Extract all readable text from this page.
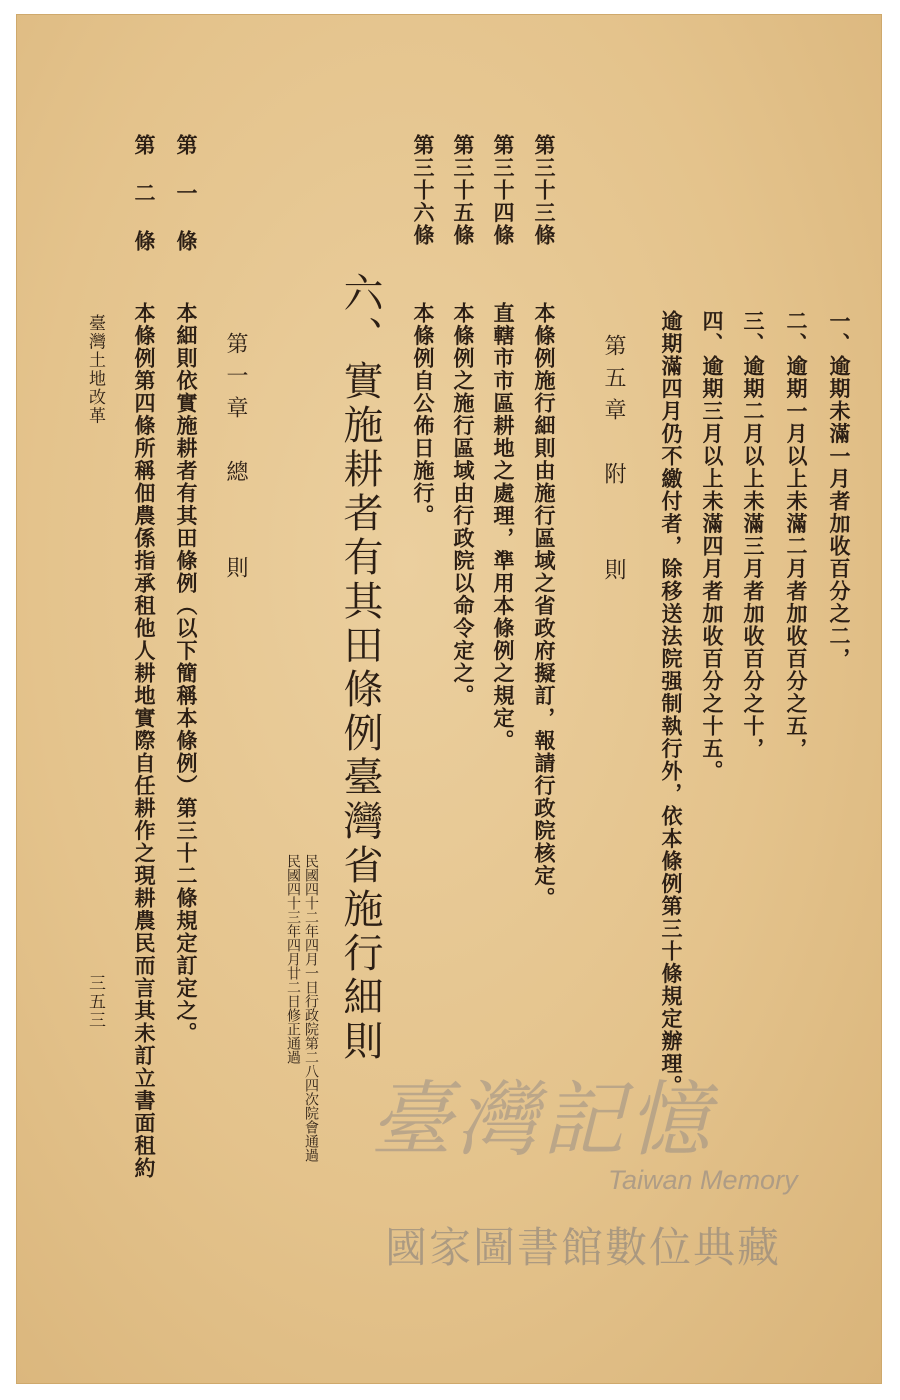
一、逾期未滿一月者加收百分之二，
二、逾期一月以上未滿二月者加收百分之五，
三、逾期二月以上未滿三月者加收百分之十，
四、逾期三月以上未滿四月者加收百分之十五。
逾期滿四月仍不繳付者，除移送法院强制執行外，依本條例第三十條規定辦理。
第五章　附　　則
第三十三條
本條例施行細則由施行區域之省政府擬訂，報請行政院核定。
第三十四條
直轄市市區耕地之處理，準用本條例之規定。
第三十五條
本條例之施行區域由行政院以命令定之。
第三十六條
本條例自公佈日施行。
六、實施耕者有其田條例臺灣省施行細則
民國四十二年四月一日行政院第二八四次院會通過
民國四十三年四月廿二日修正通過
第一章　總　　則
第　一　條
本細則依實施耕者有其田條例（以下簡稱本條例）第三十二條規定訂定之。
第　二　條
本條例第四條所稱佃農係指承租他人耕地實際自任耕作之現耕農民而言其未訂立書面租約
臺灣土地改革
三五三
臺灣記憶
Taiwan Memory
國家圖書館數位典藏
